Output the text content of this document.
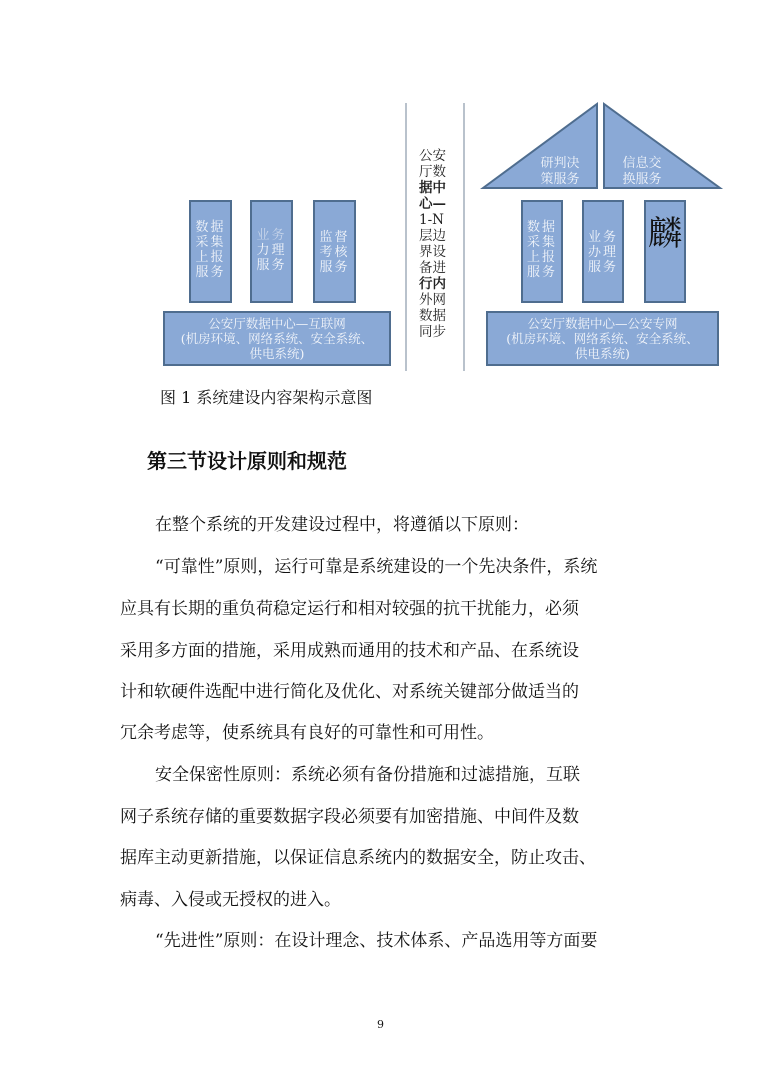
数据
采集
上报
服务
业务
力理
服务
监督
考核
服务
公安厅数据中心—互联网
(机房环境、网络系统、安全系统、
供电系统)
公安
厅数
据中
心—
1-N
层边
界设
备进
行内
外网
数据
同步
研判决
策服务
信息交
换服务
数据
采集
上报
服务
业务
办理
服务
麟
公安厅数据中心—公安专网
(机房环境、网络系统、安全系统、
供电系统)
图 1 系统建设内容架构示意图
第三节设计原则和规范
在整个系统的开发建设过程中，将遵循以下原则：
“可靠性”原则，运行可靠是系统建设的一个先决条件，系统
应具有长期的重负荷稳定运行和相对较强的抗干扰能力，必须
采用多方面的措施，采用成熟而通用的技术和产品、在系统设
计和软硬件选配中进行简化及优化、对系统关键部分做适当的
冗余考虑等，使系统具有良好的可靠性和可用性。
安全保密性原则：系统必须有备份措施和过滤措施，互联
网子系统存储的重要数据字段必须要有加密措施、中间件及数
据库主动更新措施，以保证信息系统内的数据安全，防止攻击、
病毒、入侵或无授权的进入。
“先进性”原则：在设计理念、技术体系、产品选用等方面要
9
